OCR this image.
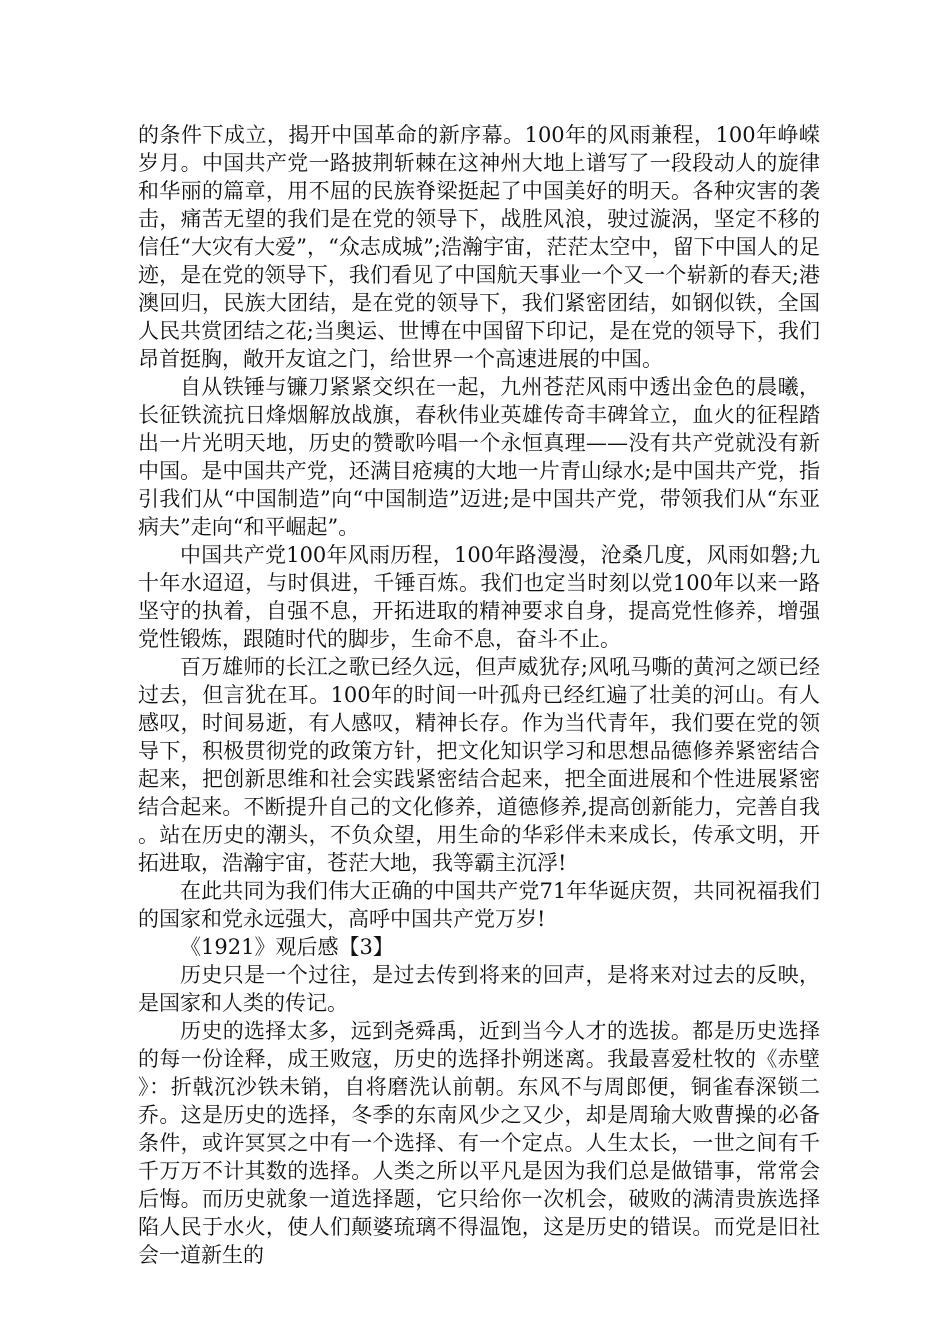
的条件下成立，揭开中国革命的新序幕。100年的风雨兼程，100年峥嵘岁月。中国共产党一路披荆斩棘在这神州大地上谱写了一段段动人的旋律和华丽的篇章，用不屈的民族脊梁挺起了中国美好的明天。各种灾害的袭击，痛苦无望的我们是在党的领导下，战胜风浪，驶过漩涡，坚定不移的信任“大灾有大爱”，“众志成城”;浩瀚宇宙，茫茫太空中，留下中国人的足迹，是在党的领导下，我们看见了中国航天事业一个又一个崭新的春天;港澳回归，民族大团结，是在党的领导下，我们紧密团结，如钢似铁，全国人民共赏团结之花;当奥运、世博在中国留下印记，是在党的领导下，我们昂首挺胸，敞开友谊之门，给世界一个高速进展的中国。

自从铁锤与镰刀紧紧交织在一起，九州苍茫风雨中透出金色的晨曦，长征铁流抗日烽烟解放战旗，春秋伟业英雄传奇丰碑耸立，血火的征程踏出一片光明天地，历史的赞歌吟唱一个永恒真理——没有共产党就没有新中国。是中国共产党，还满目疮痍的大地一片青山绿水;是中国共产党，指引我们从“中国制造”向“中国制造”迈进;是中国共产党，带领我们从“东亚病夫”走向“和平崛起”。

中国共产党100年风雨历程，100年路漫漫，沧桑几度，风雨如磐;九十年水迢迢，与时俱进，千锤百炼。我们也定当时刻以党100年以来一路坚守的执着，自强不息，开拓进取的精神要求自身，提高党性修养，增强党性锻炼，跟随时代的脚步，生命不息，奋斗不止。

百万雄师的长江之歌已经久远，但声威犹存;风吼马嘶的黄河之颂已经过去，但言犹在耳。100年的时间一叶孤舟已经红遍了壮美的河山。有人感叹，时间易逝，有人感叹，精神长存。作为当代青年，我们要在党的领导下，积极贯彻党的政策方针，把文化知识学习和思想品德修养紧密结合起来，把创新思维和社会实践紧密结合起来，把全面进展和个性进展紧密结合起来。不断提升自己的文化修养，道德修养,提高创新能力，完善自我。站在历史的潮头，不负众望，用生命的华彩伴未来成长，传承文明，开拓进取，浩瀚宇宙，苍茫大地，我等霸主沉浮!

在此共同为我们伟大正确的中国共产党71年华诞庆贺，共同祝福我们的国家和党永远强大，高呼中国共产党万岁!

《1921》观后感【3】

历史只是一个过往，是过去传到将来的回声，是将来对过去的反映，是国家和人类的传记。

历史的选择太多，远到尧舜禹，近到当今人才的选拔。都是历史选择的每一份诠释，成王败寇，历史的选择扑朔迷离。我最喜爱杜牧的《赤壁》：折戟沉沙铁未销，自将磨洗认前朝。东风不与周郎便，铜雀春深锁二乔。这是历史的选择，冬季的东南风少之又少，却是周瑜大败曹操的必备条件，或许冥冥之中有一个选择、有一个定点。人生太长，一世之间有千千万万不计其数的选择。人类之所以平凡是因为我们总是做错事，常常会后悔。而历史就象一道选择题，它只给你一次机会，破败的满清贵族选择陷人民于水火，使人们颠婆琉璃不得温饱，这是历史的错误。而党是旧社会一道新生的
